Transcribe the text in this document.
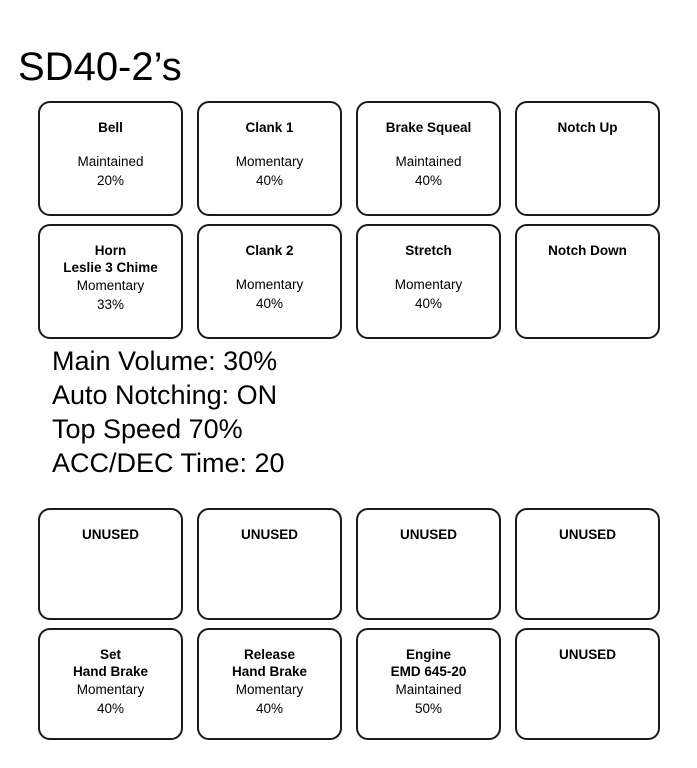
SD40-2’s
Bell
Maintained
20%
Clank 1
Momentary
40%
Brake Squeal
Maintained
40%
Notch Up
Horn
Leslie 3 Chime
Momentary
33%
Clank 2
Momentary
40%
Stretch
Momentary
40%
Notch Down
Main Volume: 30%
Auto Notching: ON
Top Speed 70%
ACC/DEC Time: 20
UNUSED	UNUSED	UNUSED	UNUSED
Set
Hand Brake
Momentary
40%
Release
Hand Brake
Momentary
40%
Engine
EMD 645-20
Maintained
50%
UNUSED
